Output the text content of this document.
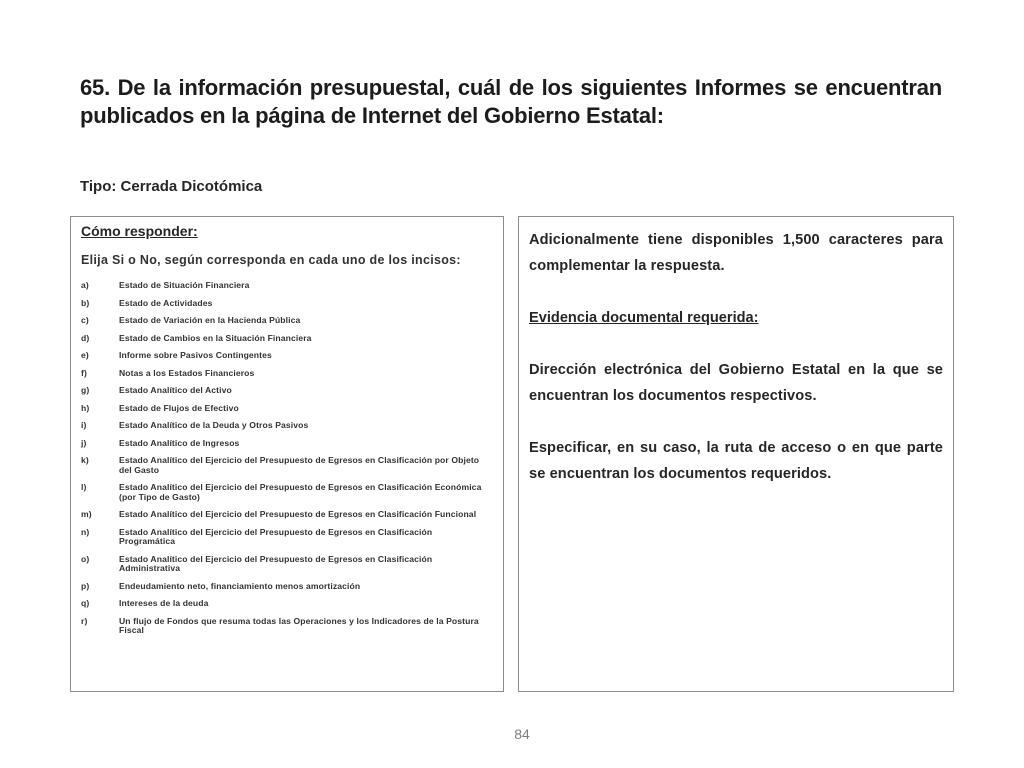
65. De la información presupuestal, cuál de los siguientes Informes se encuentran publicados en la página de Internet del Gobierno Estatal:
Tipo: Cerrada Dicotómica
Cómo responder:
Elija Si o No, según corresponda en cada uno de los incisos:
a)	Estado de Situación Financiera
b)	Estado de Actividades
c)	Estado de Variación en la Hacienda Pública
d)	Estado de Cambios en la Situación Financiera
e)	Informe sobre Pasivos Contingentes
f)	Notas a los Estados Financieros
g)	Estado Analítico del Activo
h)	Estado de Flujos de Efectivo
i)	Estado Analítico de la Deuda y Otros Pasivos
j)	Estado Analítico de Ingresos
k)	Estado Analítico del Ejercicio del Presupuesto de Egresos en Clasificación por Objeto del Gasto
l)	Estado Analítico del Ejercicio del Presupuesto de Egresos en Clasificación Económica (por Tipo de Gasto)
m)	Estado Analítico del Ejercicio del Presupuesto de Egresos en Clasificación Funcional
n)	Estado Analítico del Ejercicio del Presupuesto de Egresos en Clasificación Programática
o)	Estado Analítico del Ejercicio del Presupuesto de Egresos en Clasificación Administrativa
p)	Endeudamiento neto, financiamiento menos amortización
q)	Intereses de la deuda
r)	Un flujo de Fondos que resuma todas las Operaciones y los Indicadores de la Postura Fiscal

Adicionalmente tiene disponibles 1,500 caracteres para complementar la respuesta.

Evidencia documental requerida:

Dirección electrónica del Gobierno Estatal en la que se encuentran los documentos respectivos.

Especificar, en su caso, la ruta de acceso o en que parte se encuentran los documentos requeridos.

84
